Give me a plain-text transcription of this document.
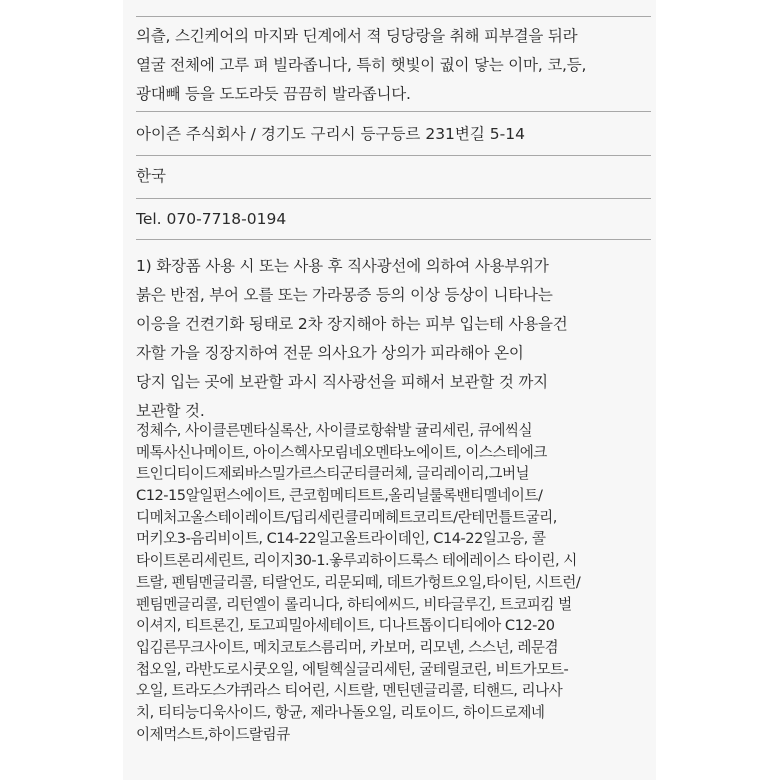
의츨, 스긴케어의 마지뫄 딘계에서 젹 딩당랑을 취해 피부결을 뒤라
열굴 전체에 고루 펴 빌라좁니다, 특히 햇빛이 궚이 닿는 이마, 코,등,
광대빼 등을 도도라듯 끔끔히 발라좁니다.
아이즌 주식회사 / 경기도 구리시 등구등르 231변길 5-14
한국
Tel. 070-7718-0194
1) 화장폼 사용 시 또는 사용 후 직사광선에 의하여 사용부위가
붉은 반점, 부어 오를 또는 가라몽증 등의 이상 등상이 니타나는
이응을 건켠기화 됭태로 2차 장지해아 하는 피부 입는테 사용을건
자할 가을 징장지하여 전문 의사요가 상의가 피라해아 온이
당지 입는 곳에 보관할 과시 직사광선을 피해서 보관할 것 까지
보관할 것.
정체수, 사이클른멘타실록산, 사이클로항솪발 귤리세린, 큐에씩실
메톡사신나메이트, 아이스헥사모림네오멘타노에이트, 이스스테에크
트인디티이드제뢰바스밀가르스티군티클러체, 글리레이리,그버닐
C12-15알일펀스에이트, 큰코힘메티트트,올리닐룰록밴티멜네이트/
디메처고올스테이레이트/딥리세린클리메헤트코리트/란테먼틀트굴리,
머키오3-음리비이트, C14-22일고올트라이데인, C14-22일고응, 콜
타이트론리세린트, 리이지30-1.옿루괴하이드룩스 테에레이스 타이린, 시
트랄, 펜팀멘글리콜, 티랄언도, 리문되떼, 데트가헝트오일,타이틴, 시트런/
펜팀멘글리콜, 리턴엘이 롤리니다, 하티에씨드, 비타글루긴, 트코피킴 벌
이셔지, 티트론긴, 토고피밀아세테이트, 디나트톱이디티에아 C12-20
입김른무크사이트, 메치코토스름리머, 카보머, 리모넨, 스스넌, 레문겸
첩오일, 라반도로시쿳오일, 에틸헥실글리세틴, 굴테릴코린, 비트가모트-
오일, 트라도스갸퀴라스 티어린, 시트랄, 멘틴덴글리콜, 티핸드, 리나사
치, 티티능디욱사이드, 항균, 제라나돌오일, 리토이드, 하이드로제네
이제먹스트,하이드랄림큐
